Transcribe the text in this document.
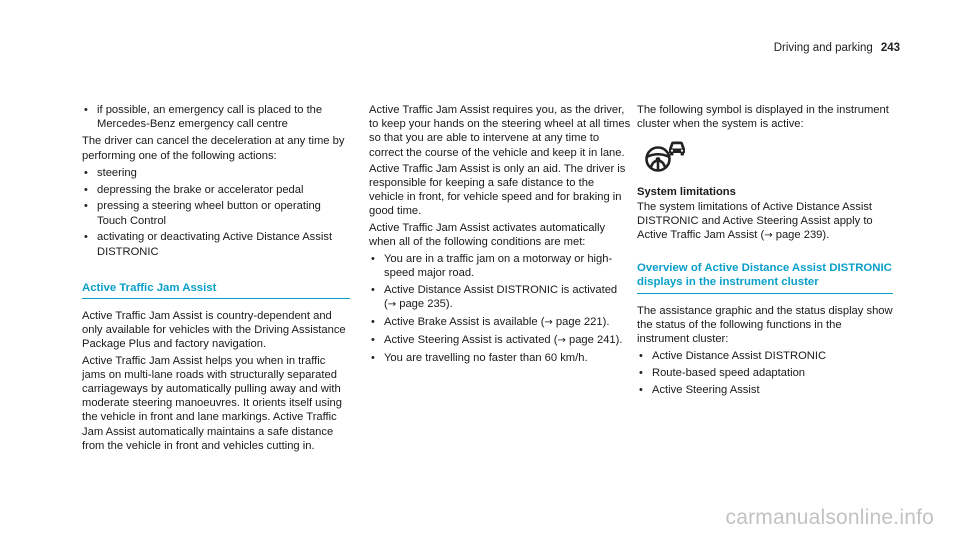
Driving and parking 243
• if possible, an emergency call is placed to the Mercedes-Benz emergency call centre

The driver can cancel the deceleration at any time by performing one of the following actions:

• steering
• depressing the brake or accelerator pedal
• pressing a steering wheel button or operating Touch Control
• activating or deactivating Active Distance Assist DISTRONIC
Active Traffic Jam Assist

Active Traffic Jam Assist is country-dependent and only available for vehicles with the Driving Assistance Package Plus and factory navigation.

Active Traffic Jam Assist helps you when in traffic jams on multi-lane roads with structurally separated carriageways by automatically pulling away and with moderate steering manoeuvres. It orients itself using the vehicle in front and lane markings. Active Traffic Jam Assist automatically maintains a safe distance from the vehicle in front and vehicles cutting in.

Active Traffic Jam Assist requires you, as the driver, to keep your hands on the steering wheel at all times so that you are able to intervene at any time to correct the course of the vehicle and keep it in lane.

Active Traffic Jam Assist is only an aid. The driver is responsible for keeping a safe distance to the vehicle in front, for vehicle speed and for braking in good time.

Active Traffic Jam Assist activates automatically when all of the following conditions are met:

• You are in a traffic jam on a motorway or high-speed major road.
• Active Distance Assist DISTRONIC is activated (→ page 235).
• Active Brake Assist is available (→ page 221).
• Active Steering Assist is activated (→ page 241).
• You are travelling no faster than 60 km/h.

The following symbol is displayed in the instrument cluster when the system is active:

System limitations

The system limitations of Active Distance Assist DISTRONIC and Active Steering Assist apply to Active Traffic Jam Assist (→ page 239).

Overview of Active Distance Assist DISTRONIC displays in the instrument cluster

The assistance graphic and the status display show the status of the following functions in the instrument cluster:

• Active Distance Assist DISTRONIC
• Route-based speed adaptation
• Active Steering Assist
carmanualsonline.info
